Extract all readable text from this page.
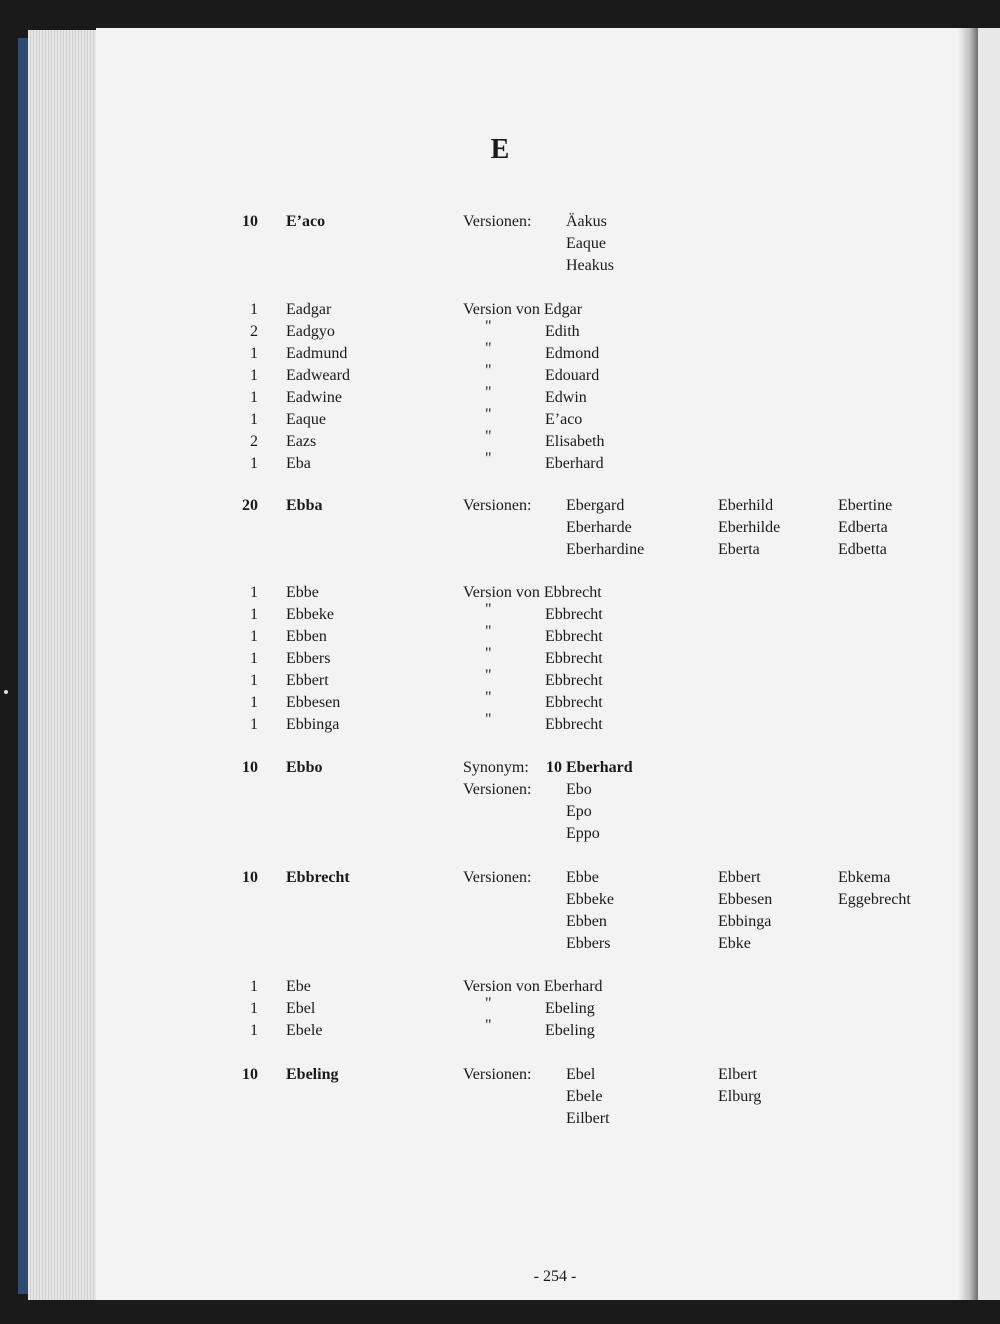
E
10 E’aco	Versionen: Äakus
Eaque
Heakus
1 Eadgar	Version von Edgar
2 Eadgyo	"	Edith
1 Eadmund	"	Edmond
1 Eadweard	"	Edouard
1 Eadwine	"	Edwin
1 Eaque	"	E’aco
2 Eazs	"	Elisabeth
1 Eba	"	Eberhard
20 Ebba	Versionen: Ebergard	Eberhild	Ebertine
Eberharde	Eberhilde	Edberta
Eberhardine	Eberta	Edbetta
1 Ebbe	Version von Ebbrecht
1 Ebbeke	"	Ebbrecht
1 Ebben	"	Ebbrecht
1 Ebbers	"	Ebbrecht
1 Ebbert	"	Ebbrecht
1 Ebbesen	"	Ebbrecht
1 Ebbinga	"	Ebbrecht
10 Ebbo	Synonym: 10 Eberhard
Versionen: Ebo
Epo
Eppo
10 Ebbrecht	Versionen: Ebbe	Ebbert	Ebkema
Ebbeke	Ebbesen	Eggebrecht
Ebben	Ebbinga
Ebbers	Ebke
1 Ebe	Version von Eberhard
1 Ebel	"	Ebeling
1 Ebele	"	Ebeling
10 Ebeling	Versionen: Ebel	Elbert
Ebele	Elburg
Eilbert
- 254 -
